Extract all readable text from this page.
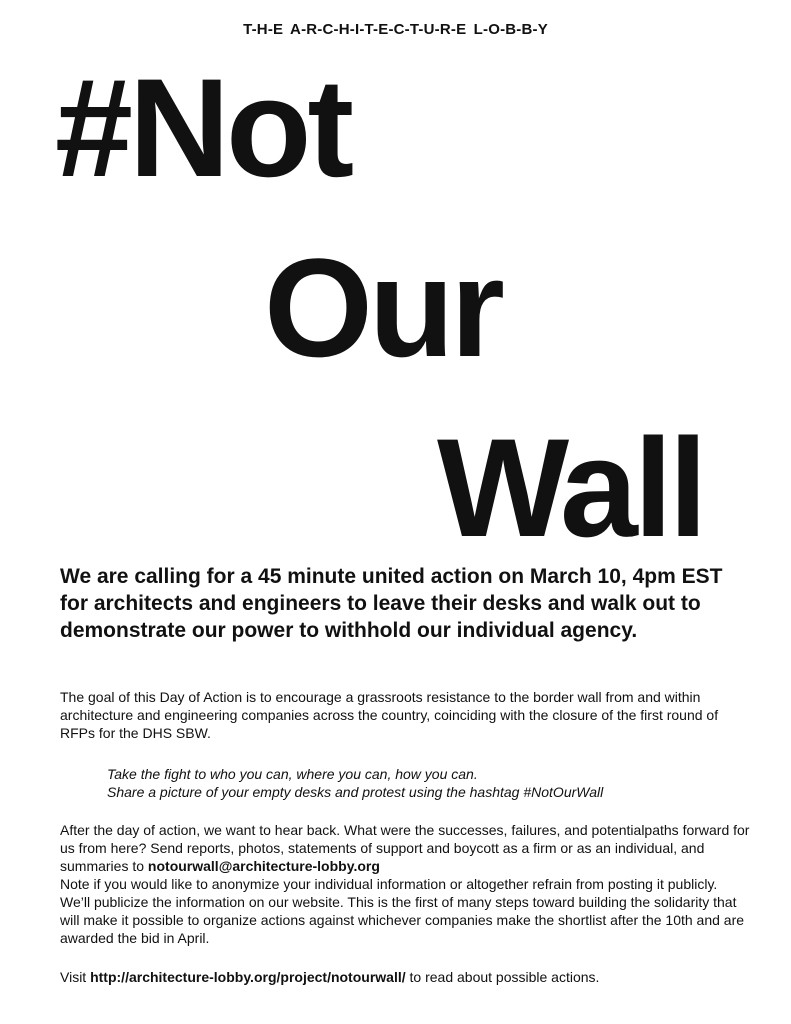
T-H-E A-R-C-H-I-T-E-C-T-U-R-E L-O-B-B-Y
#Not
Our
Wall
We are calling for a 45 minute united action on March 10, 4pm EST for architects and engineers to leave their desks and walk out to demonstrate our power to withhold our individual agency.
The goal of this Day of Action is to encourage a grassroots resistance to the border wall from and within architecture and engineering companies across the country, coinciding with the closure of the first round of RFPs for the DHS SBW.
Take the fight to who you can, where you can, how you can.
Share a picture of your empty desks and protest using the hashtag #NotOurWall
After the day of action, we want to hear back. What were the successes, failures, and potentialpaths forward for us from here? Send reports, photos, statements of support and boycott as a firm or as an individual, and summaries to notourwall@architecture-lobby.org
Note if you would like to anonymize your individual information or altogether refrain from posting it publicly. We’ll publicize the information on our website. This is the first of many steps toward building the solidarity that will make it possible to organize actions against whichever companies make the shortlist after the 10th and are awarded the bid in April.
Visit http://architecture-lobby.org/project/notourwall/ to read about possible actions.
